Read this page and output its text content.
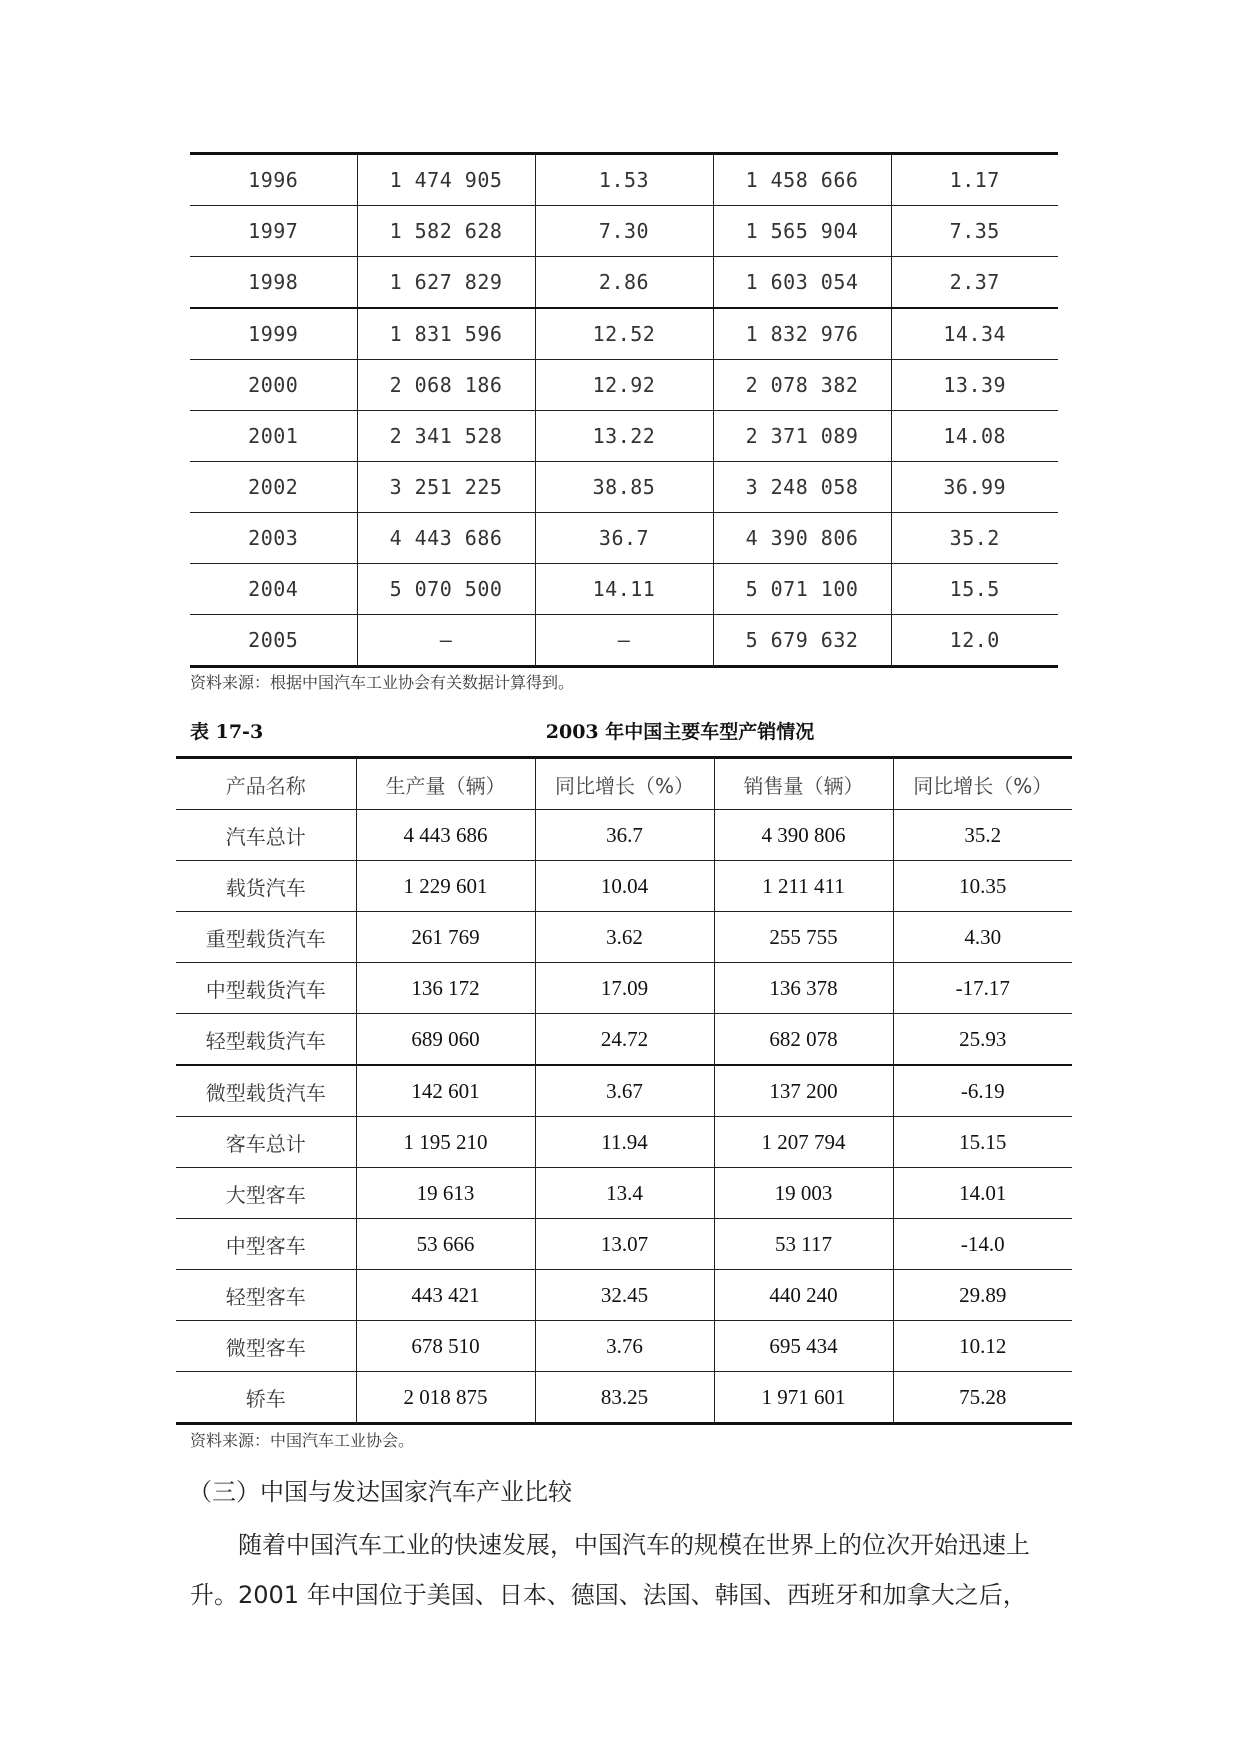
1996	1 474 905	1.53	1 458 666	1.17
1997	1 582 628	7.30	1 565 904	7.35
1998	1 627 829	2.86	1 603 054	2.37
1999	1 831 596	12.52	1 832 976	14.34
2000	2 068 186	12.92	2 078 382	13.39
2001	2 341 528	13.22	2 371 089	14.08
2002	3 251 225	38.85	3 248 058	36.99
2003	4 443 686	36.7	4 390 806	35.2
2004	5 070 500	14.11	5 071 100	15.5
2005	—	—	5 679 632	12.0
资料来源：根据中国汽车工业协会有关数据计算得到。
表 17-3	2003 年中国主要车型产销情况
产品名称	生产量（辆）	同比增长（%）	销售量（辆）	同比增长（%）
汽车总计	4 443 686	36.7	4 390 806	35.2
载货汽车	1 229 601	10.04	1 211 411	10.35
重型载货汽车	261 769	3.62	255 755	4.30
中型载货汽车	136 172	17.09	136 378	-17.17
轻型载货汽车	689 060	24.72	682 078	25.93
微型载货汽车	142 601	3.67	137 200	-6.19
客车总计	1 195 210	11.94	1 207 794	15.15
大型客车	19 613	13.4	19 003	14.01
中型客车	53 666	13.07	53 117	-14.0
轻型客车	443 421	32.45	440 240	29.89
微型客车	678 510	3.76	695 434	10.12
轿车	2 018 875	83.25	1 971 601	75.28
资料来源：中国汽车工业协会。
（三）中国与发达国家汽车产业比较
随着中国汽车工业的快速发展，中国汽车的规模在世界上的位次开始迅速上升。2001 年中国位于美国、日本、德国、法国、韩国、西班牙和加拿大之后，
